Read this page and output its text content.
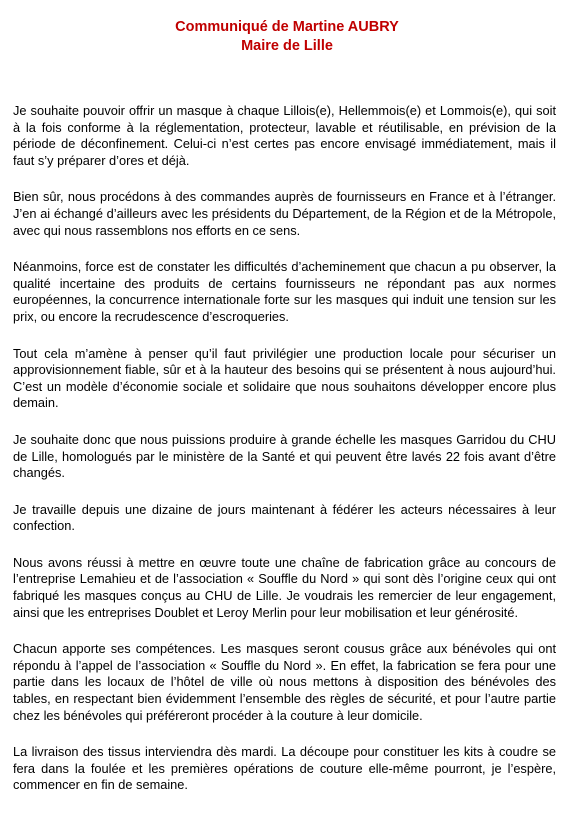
Communiqué de Martine AUBRY
Maire de Lille

Je souhaite pouvoir offrir un masque à chaque Lillois(e), Hellemmois(e) et Lommois(e), qui soit à la fois conforme à la réglementation, protecteur, lavable et réutilisable, en prévision de la période de déconfinement. Celui-ci n’est certes pas encore envisagé immédiatement, mais il faut s’y préparer d’ores et déjà.

Bien sûr, nous procédons à des commandes auprès de fournisseurs en France et à l’étranger. J’en ai échangé d’ailleurs avec les présidents du Département, de la Région et de la Métropole, avec qui nous rassemblons nos efforts en ce sens.

Néanmoins, force est de constater les difficultés d’acheminement que chacun a pu observer, la qualité incertaine des produits de certains fournisseurs ne répondant pas aux normes européennes, la concurrence internationale forte sur les masques qui induit une tension sur les prix, ou encore la recrudescence d’escroqueries.

Tout cela m’amène à penser qu’il faut privilégier une production locale pour sécuriser un approvisionnement fiable, sûr et à la hauteur des besoins qui se présentent à nous aujourd’hui. C’est un modèle d’économie sociale et solidaire que nous souhaitons développer encore plus demain.

Je souhaite donc que nous puissions produire à grande échelle les masques Garridou du CHU de Lille, homologués par le ministère de la Santé et qui peuvent être lavés 22 fois avant d’être changés.

Je travaille depuis une dizaine de jours maintenant à fédérer les acteurs nécessaires à leur confection.

Nous avons réussi à mettre en œuvre toute une chaîne de fabrication grâce au concours de l’entreprise Lemahieu et de l’association « Souffle du Nord » qui sont dès l’origine ceux qui ont fabriqué les masques conçus au CHU de Lille. Je voudrais les remercier de leur engagement, ainsi que les entreprises Doublet et Leroy Merlin pour leur mobilisation et leur générosité.

Chacun apporte ses compétences. Les masques seront cousus grâce aux bénévoles qui ont répondu à l’appel de l’association « Souffle du Nord ». En effet, la fabrication se fera pour une partie dans les locaux de l’hôtel de ville où nous mettons à disposition des bénévoles des tables, en respectant bien évidemment l’ensemble des règles de sécurité, et pour l’autre partie chez les bénévoles qui préféreront procéder à la couture à leur domicile.

La livraison des tissus interviendra dès mardi. La découpe pour constituer les kits à coudre se fera dans la foulée et les premières opérations de couture elle-même pourront, je l’espère, commencer en fin de semaine.
